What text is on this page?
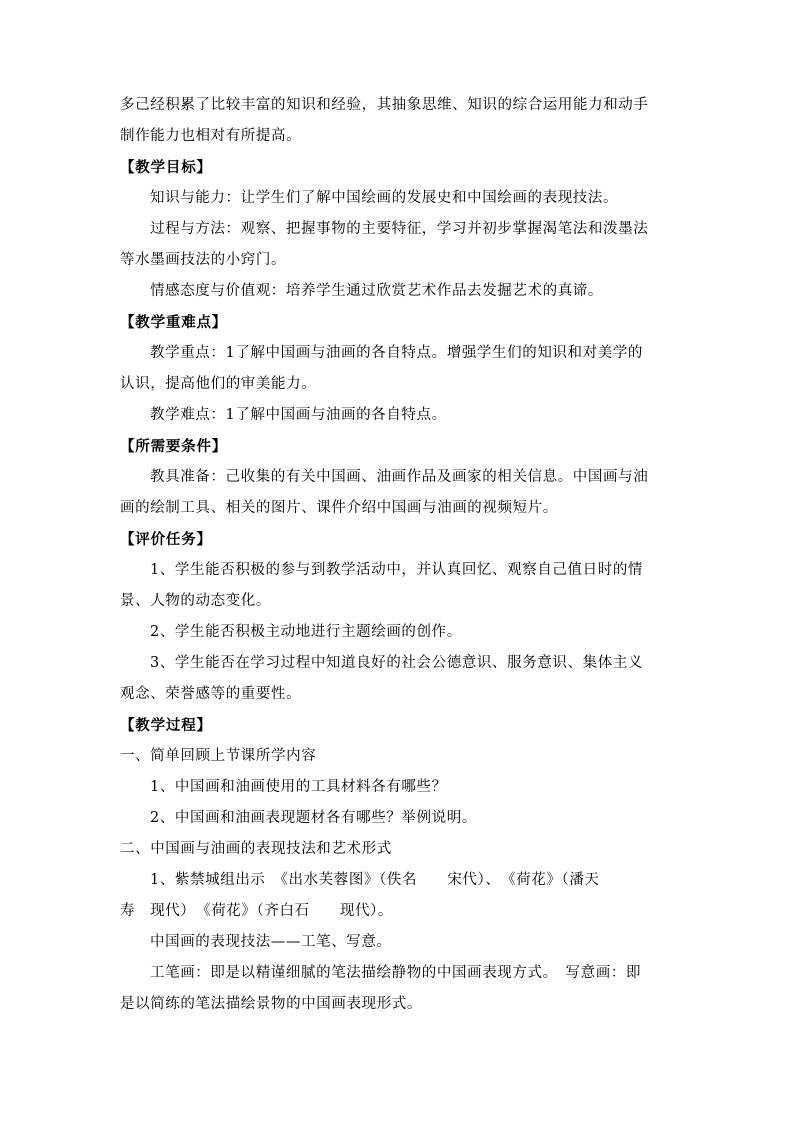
多己经积累了比较丰富的知识和经验，其抽象思维、知识的综合运用能力和动手
制作能力也相对有所提高。
【教学目标】
知识与能力：让学生们了解中国绘画的发展史和中国绘画的表现技法。
过程与方法：观察、把握事物的主要特征，学习并初步掌握渴笔法和泼墨法
等水墨画技法的小窍门。
情感态度与价值观：培养学生通过欣赏艺术作品去发掘艺术的真谛。
【教学重难点】
教学重点：1了解中国画与油画的各自特点。增强学生们的知识和对美学的
认识，提高他们的审美能力。
教学难点：1了解中国画与油画的各自特点。
【所需要条件】
教具准备：己收集的有关中国画、油画作品及画家的相关信息。中国画与油
画的绘制工具、相关的图片、课件介绍中国画与油画的视频短片。
【评价任务】
1、学生能否积极的参与到教学活动中，并认真回忆、观察自己值日时的情
景、人物的动态变化。
2、学生能否积极主动地进行主题绘画的创作。
3、学生能否在学习过程中知道良好的社会公德意识、服务意识、集体主义
观念、荣誉感等的重要性。
【教学过程】
一、简单回顾上节课所学内容
1、中国画和油画使用的工具材料各有哪些？
2、中国画和油画表现题材各有哪些？举例说明。
二、中国画与油画的表现技法和艺术形式
1、紫禁城组出示　《出水芙蓉图》（佚名　　宋代）、　《荷花》（潘天
寿　现代）　《荷花》（齐白石　　现代）。
中国画的表现技法——工笔、写意。
工笔画：即是以精谨细腻的笔法描绘静物的中国画表现方式。　写意画：即
是以简练的笔法描绘景物的中国画表现形式。
